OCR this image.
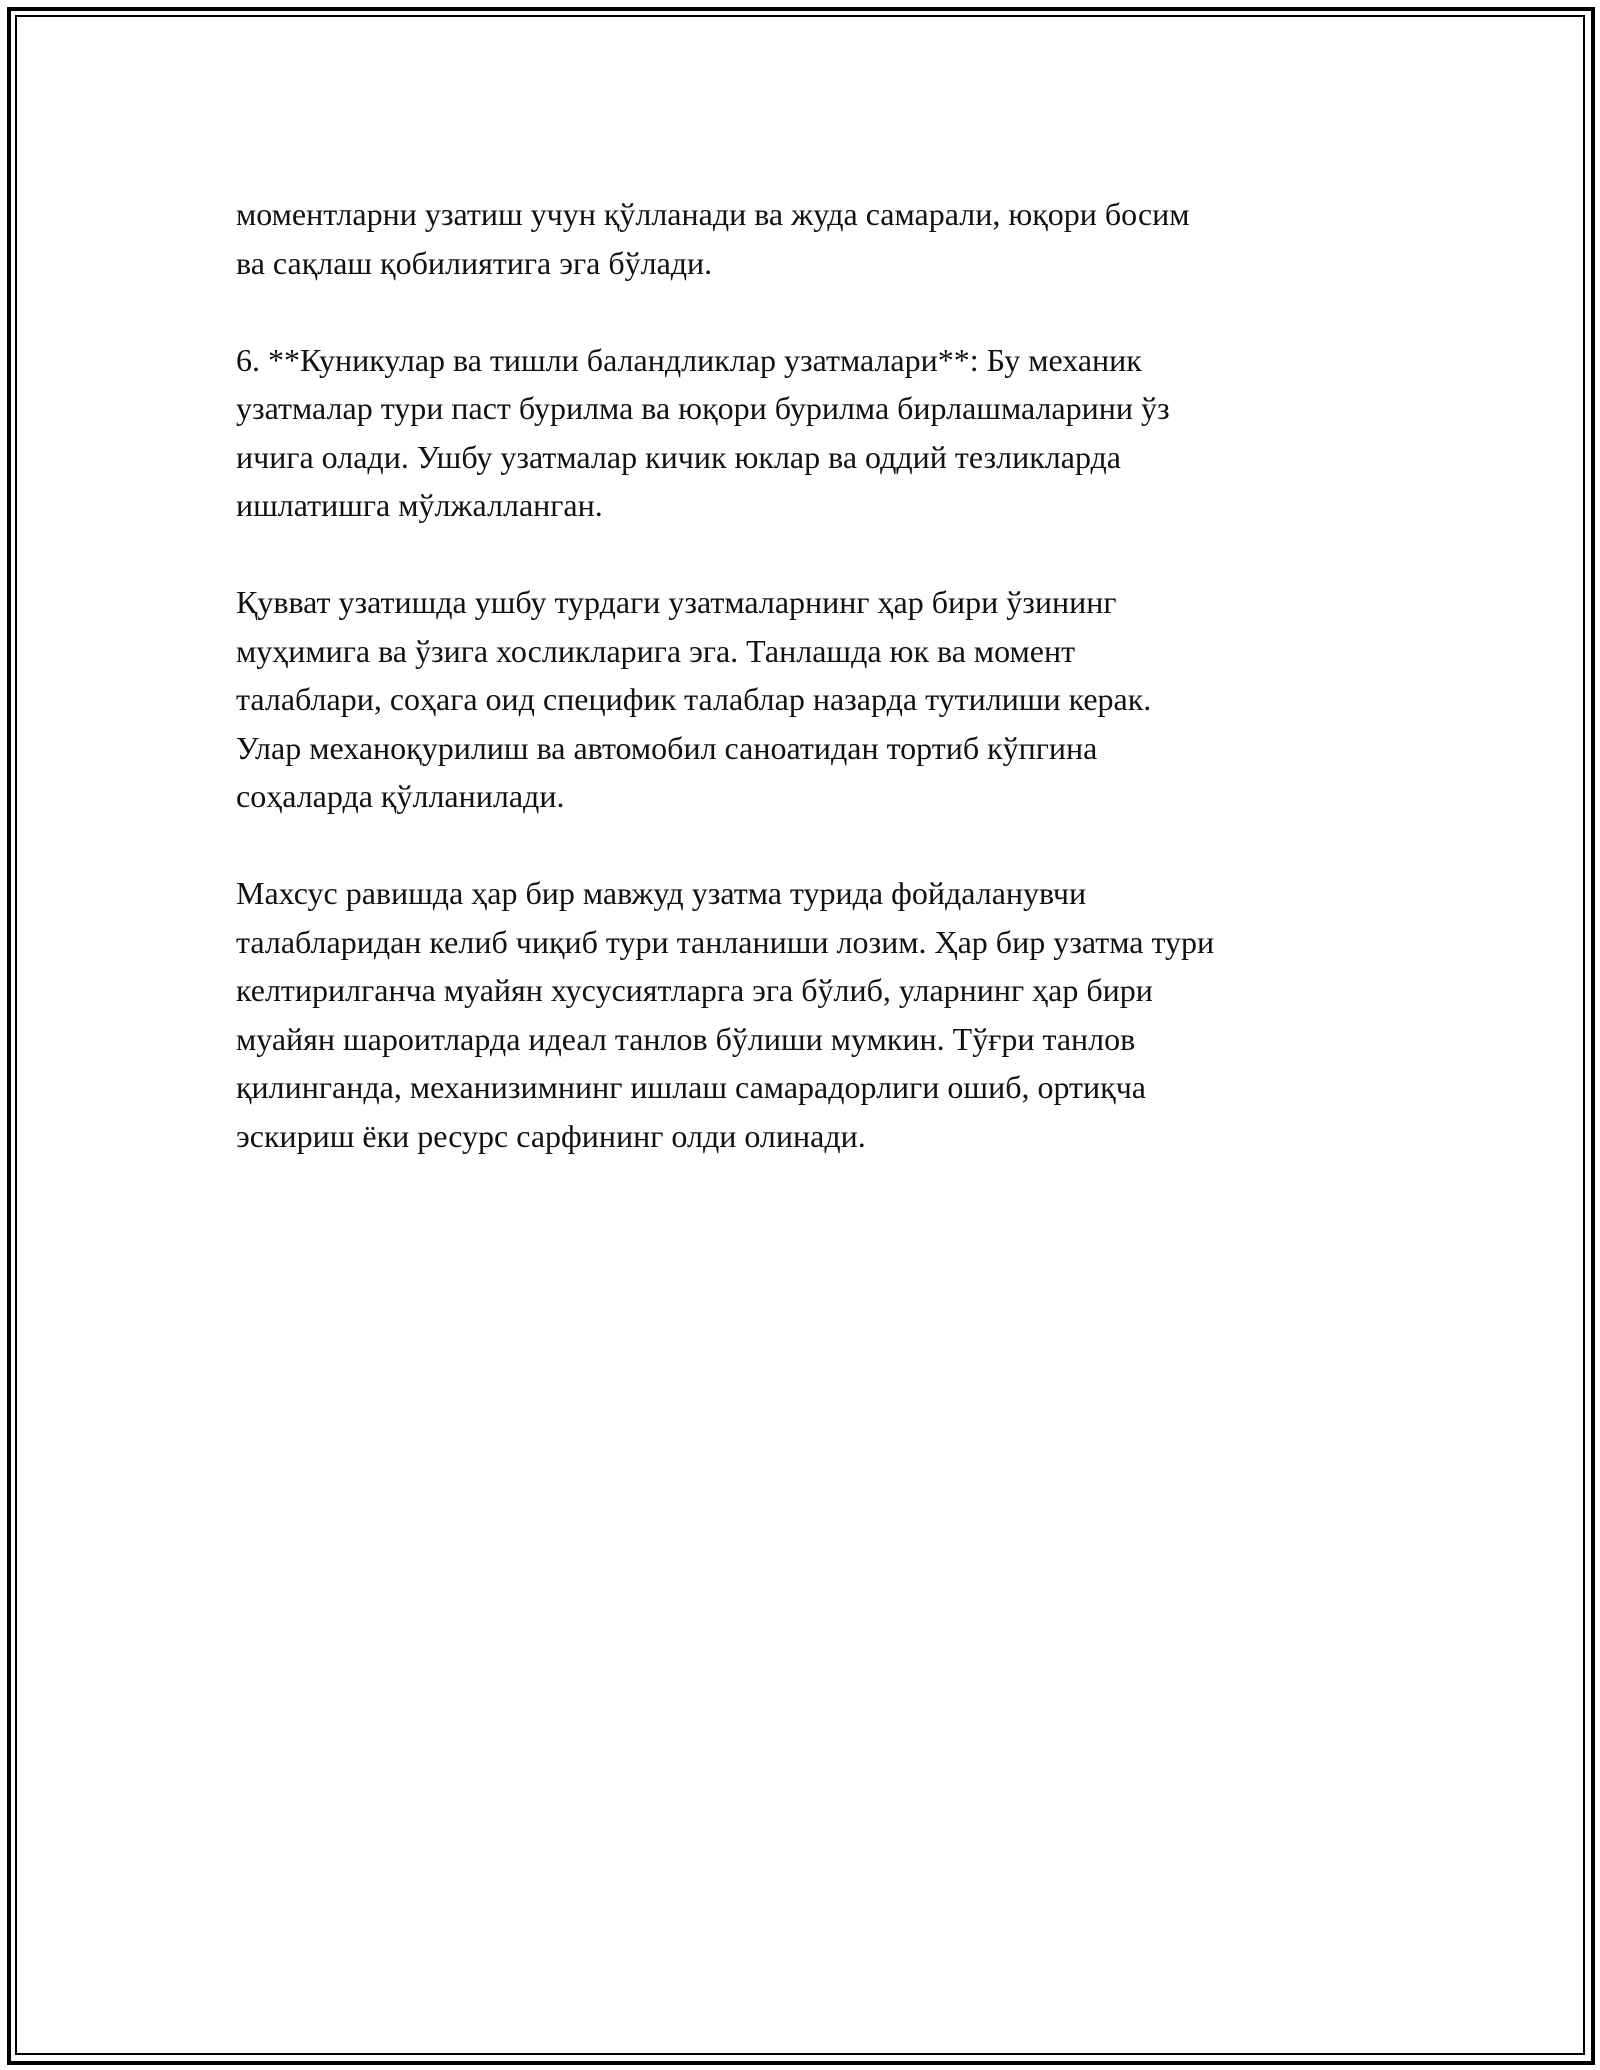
моментларни узатиш учун қўлланади ва жуда самарали, юқори босим
ва сақлаш қобилиятига эга бўлади.

6. **Куникулар ва тишли баландликлар узатмалари**: Бу механик
узатмалар тури паст бурилма ва юқори бурилма бирлашмаларини ўз
ичига олади. Ушбу узатмалар кичик юклар ва оддий тезликларда
ишлатишга мўлжалланган.

Қувват узатишда ушбу турдаги узатмаларнинг ҳар бири ўзининг
муҳимига ва ўзига хосликларига эга. Танлашда юк ва момент
талаблари, соҳага оид специфик талаблар назарда тутилиши керак.
Улар механоқурилиш ва автомобил саноатидан тортиб кўпгина
соҳаларда қўлланилади.

Махсус равишда ҳар бир мавжуд узатма турида фойдаланувчи
талабларидан келиб чиқиб тури танланиши лозим. Ҳар бир узатма тури
келтирилганча муайян хусусиятларга эга бўлиб, уларнинг ҳар бири
муайян шароитларда идеал танлов бўлиши мумкин. Тўғри танлов
қилинганда, механизимнинг ишлаш самарадорлиги ошиб, ортиқча
эскириш ёки ресурс сарфининг олди олинади.
